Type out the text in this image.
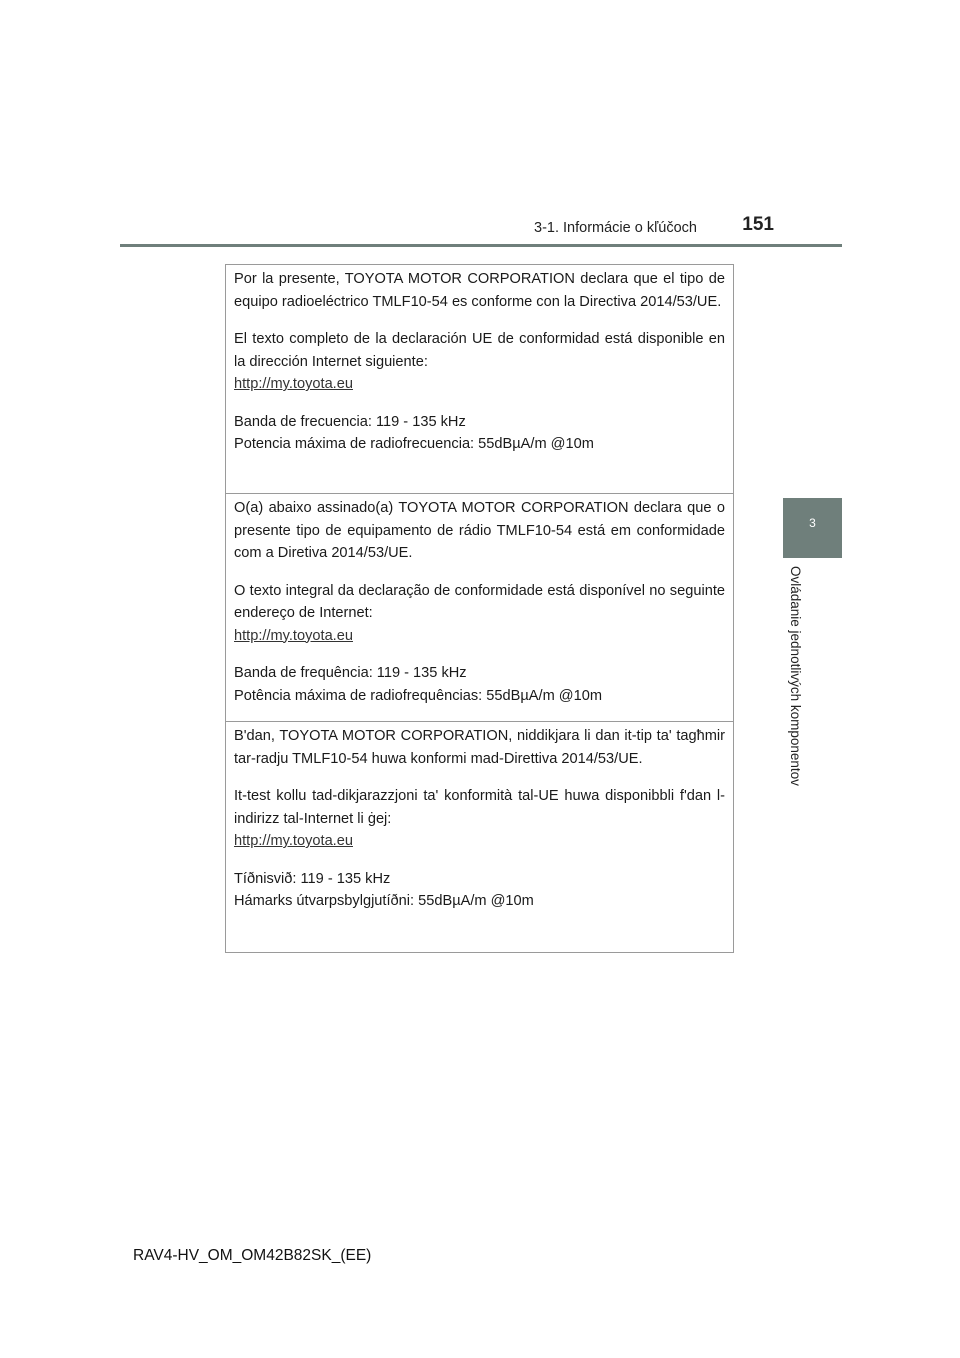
3-1. Informácie o kľúčoch 151
3
Ovládanie jednotlivých komponentov

Por la presente, TOYOTA MOTOR CORPORATION declara que el tipo de equipo radioeléctrico TMLF10-54 es conforme con la Directiva 2014/53/UE.

El texto completo de la declaración UE de conformidad está disponible en la dirección Internet siguiente:
http://my.toyota.eu

Banda de frecuencia: 119 - 135 kHz
Potencia máxima de radiofrecuencia: 55dBµA/m @10m

O(a) abaixo assinado(a) TOYOTA MOTOR CORPORATION declara que o presente tipo de equipamento de rádio TMLF10-54 está em conformidade com a Diretiva 2014/53/UE.

O texto integral da declaração de conformidade está disponível no seguinte endereço de Internet:
http://my.toyota.eu

Banda de frequência: 119 - 135 kHz
Potência máxima de radiofrequências: 55dBµA/m @10m

B'dan, TOYOTA MOTOR CORPORATION, niddikjara li dan it-tip ta' tagħmir tar-radju TMLF10-54 huwa konformi mad-Direttiva 2014/53/UE.

It-test kollu tad-dikjarazzjoni ta' konformità tal-UE huwa disponibbli f'dan l-indirizz tal-Internet li ġej:
http://my.toyota.eu

Tíðnisvið: 119 - 135 kHz
Hámarks útvarpsbylgjutíðni: 55dBµA/m @10m

RAV4-HV_OM_OM42B82SK_(EE)
